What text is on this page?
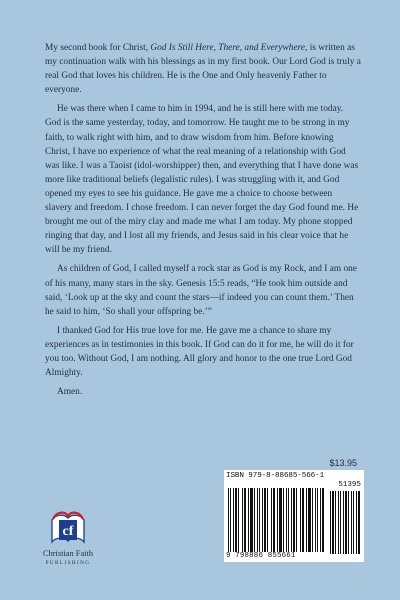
My second book for Christ, God Is Still Here, There, and Everywhere, is written as my continuation walk with his blessings as in my first book. Our Lord God is truly a real God that loves his children. He is the One and Only heavenly Father to everyone.

He was there when I came to him in 1994, and he is still here with me today. God is the same yesterday, today, and tomorrow. He taught me to be strong in my faith, to walk right with him, and to draw wisdom from him. Before knowing Christ, I have no experience of what the real meaning of a relationship with God was like. I was a Taoist (idol-worshipper) then, and everything that I have done was more like traditional beliefs (legalistic rules). I was struggling with it, and God opened my eyes to see his guidance. He gave me a choice to choose between slavery and freedom. I chose freedom. I can never forget the day God found me. He brought me out of the miry clay and made me what I am today. My phone stopped ringing that day, and I lost all my friends, and Jesus said in his clear voice that he will be my friend.

As children of God, I called myself a rock star as God is my Rock, and I am one of his many, many stars in the sky. Genesis 15:5 reads, “He took him outside and said, ‘Look up at the sky and count the stars—if indeed you can count them.’ Then he said to him, ‘So shall your offspring be.’”

I thanked God for His true love for me. He gave me a chance to share my experiences as in testimonies in this book. If God can do it for me, he will do it for you too. Without God, I am nothing. All glory and honor to the one true Lord God Almighty.

Amen.

cf
Christian Faith
PUBLISHING
$13.95
ISBN 979-8-88685-566-1
51395
9 798886 855661
